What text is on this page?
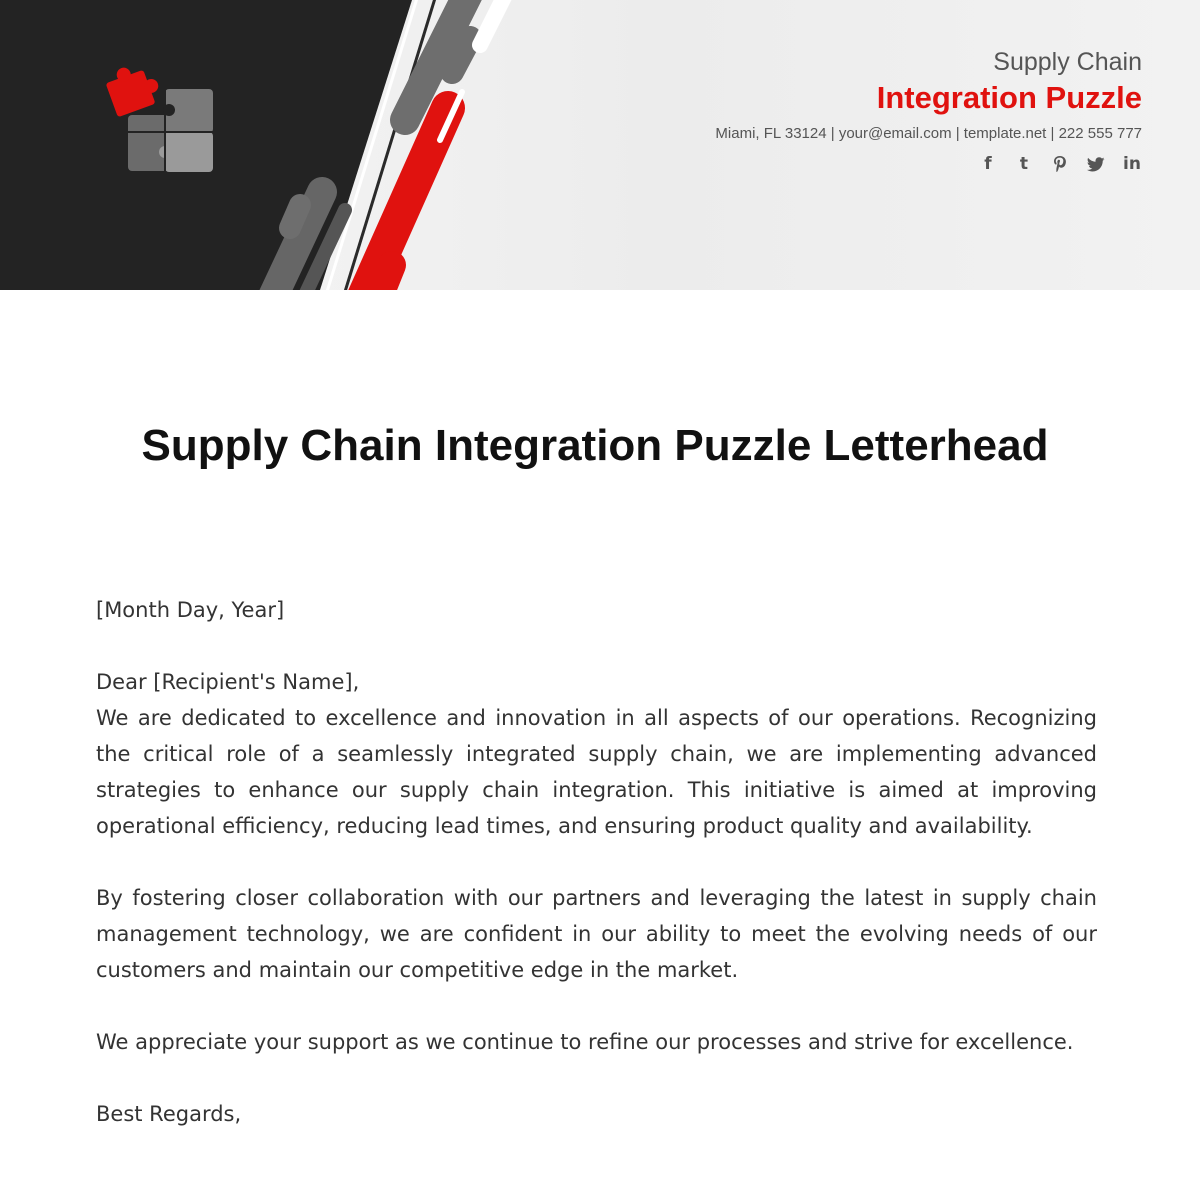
Supply Chain
Integration Puzzle
Miami, FL 33124 | your@email.com | template.net | 222 555 777
f	t	in
Supply Chain Integration Puzzle Letterhead

[Month Day, Year]

Dear [Recipient's Name],

We are dedicated to excellence and innovation in all aspects of our operations. Recognizing the critical role of a seamlessly integrated supply chain, we are implementing advanced strategies to enhance our supply chain integration. This initiative is aimed at improving operational efficiency, reducing lead times, and ensuring product quality and availability.

By fostering closer collaboration with our partners and leveraging the latest in supply chain management technology, we are confident in our ability to meet the evolving needs of our customers and maintain our competitive edge in the market.

We appreciate your support as we continue to refine our processes and strive for excellence.

Best Regards,
